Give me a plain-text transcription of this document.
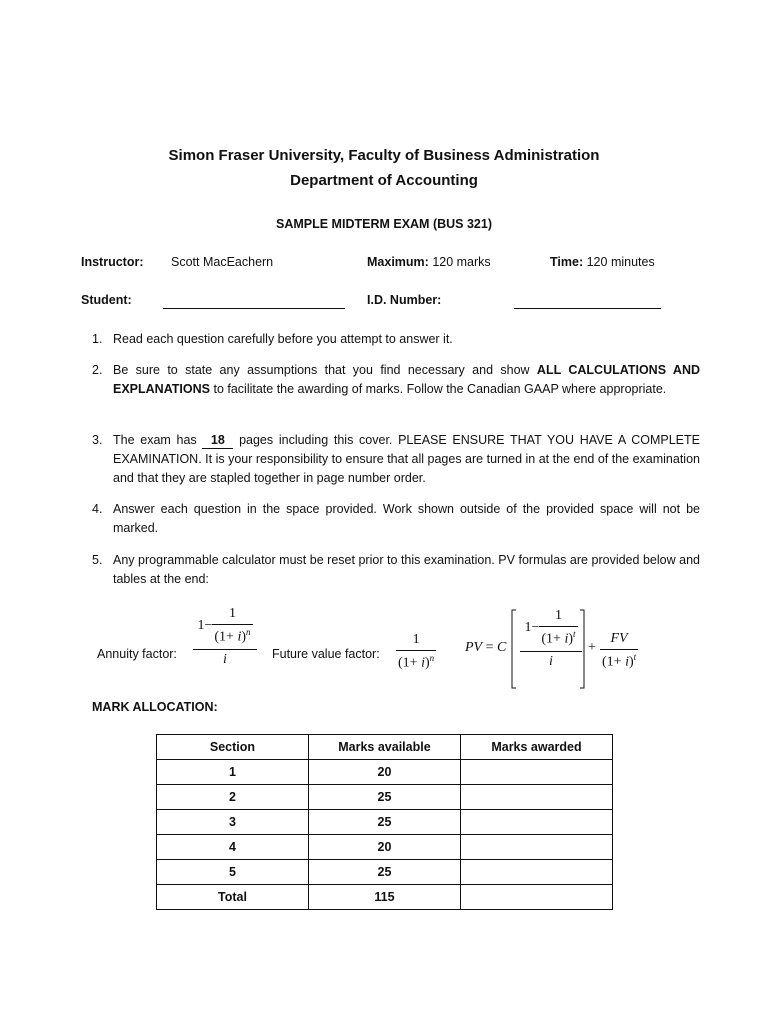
Simon Fraser University, Faculty of Business Administration
Department of Accounting
SAMPLE MIDTERM EXAM (BUS 321)
Instructor: Scott MacEachern	Maximum: 120 marks	Time: 120 minutes
Student:	I.D. Number:
1. Read each question carefully before you attempt to answer it.
2. Be sure to state any assumptions that you find necessary and show ALL CALCULATIONS AND EXPLANATIONS to facilitate the awarding of marks. Follow the Canadian GAAP where appropriate.
3. The exam has 18 pages including this cover. PLEASE ENSURE THAT YOU HAVE A COMPLETE EXAMINATION. It is your responsibility to ensure that all pages are turned in at the end of the examination and that they are stapled together in page number order.
4. Answer each question in the space provided. Work shown outside of the provided space will not be marked.
5. Any programmable calculator must be reset prior to this examination. PV formulas are provided below and tables at the end:
Annuity factor:
$1- \frac{1}{(1+ i)^n}$
i	Future value factor: $\frac{1}{(1+ i)^n}$ PV = C
$1- \frac{1}{(1+ i)^t}$
i
+ $\frac{FV}{(1+ i)^t}$
MARK ALLOCATION:
Section	Marks available	Marks awarded
1	20	
2	25	
3	25	
4	20	
5	25	
Total	115	
